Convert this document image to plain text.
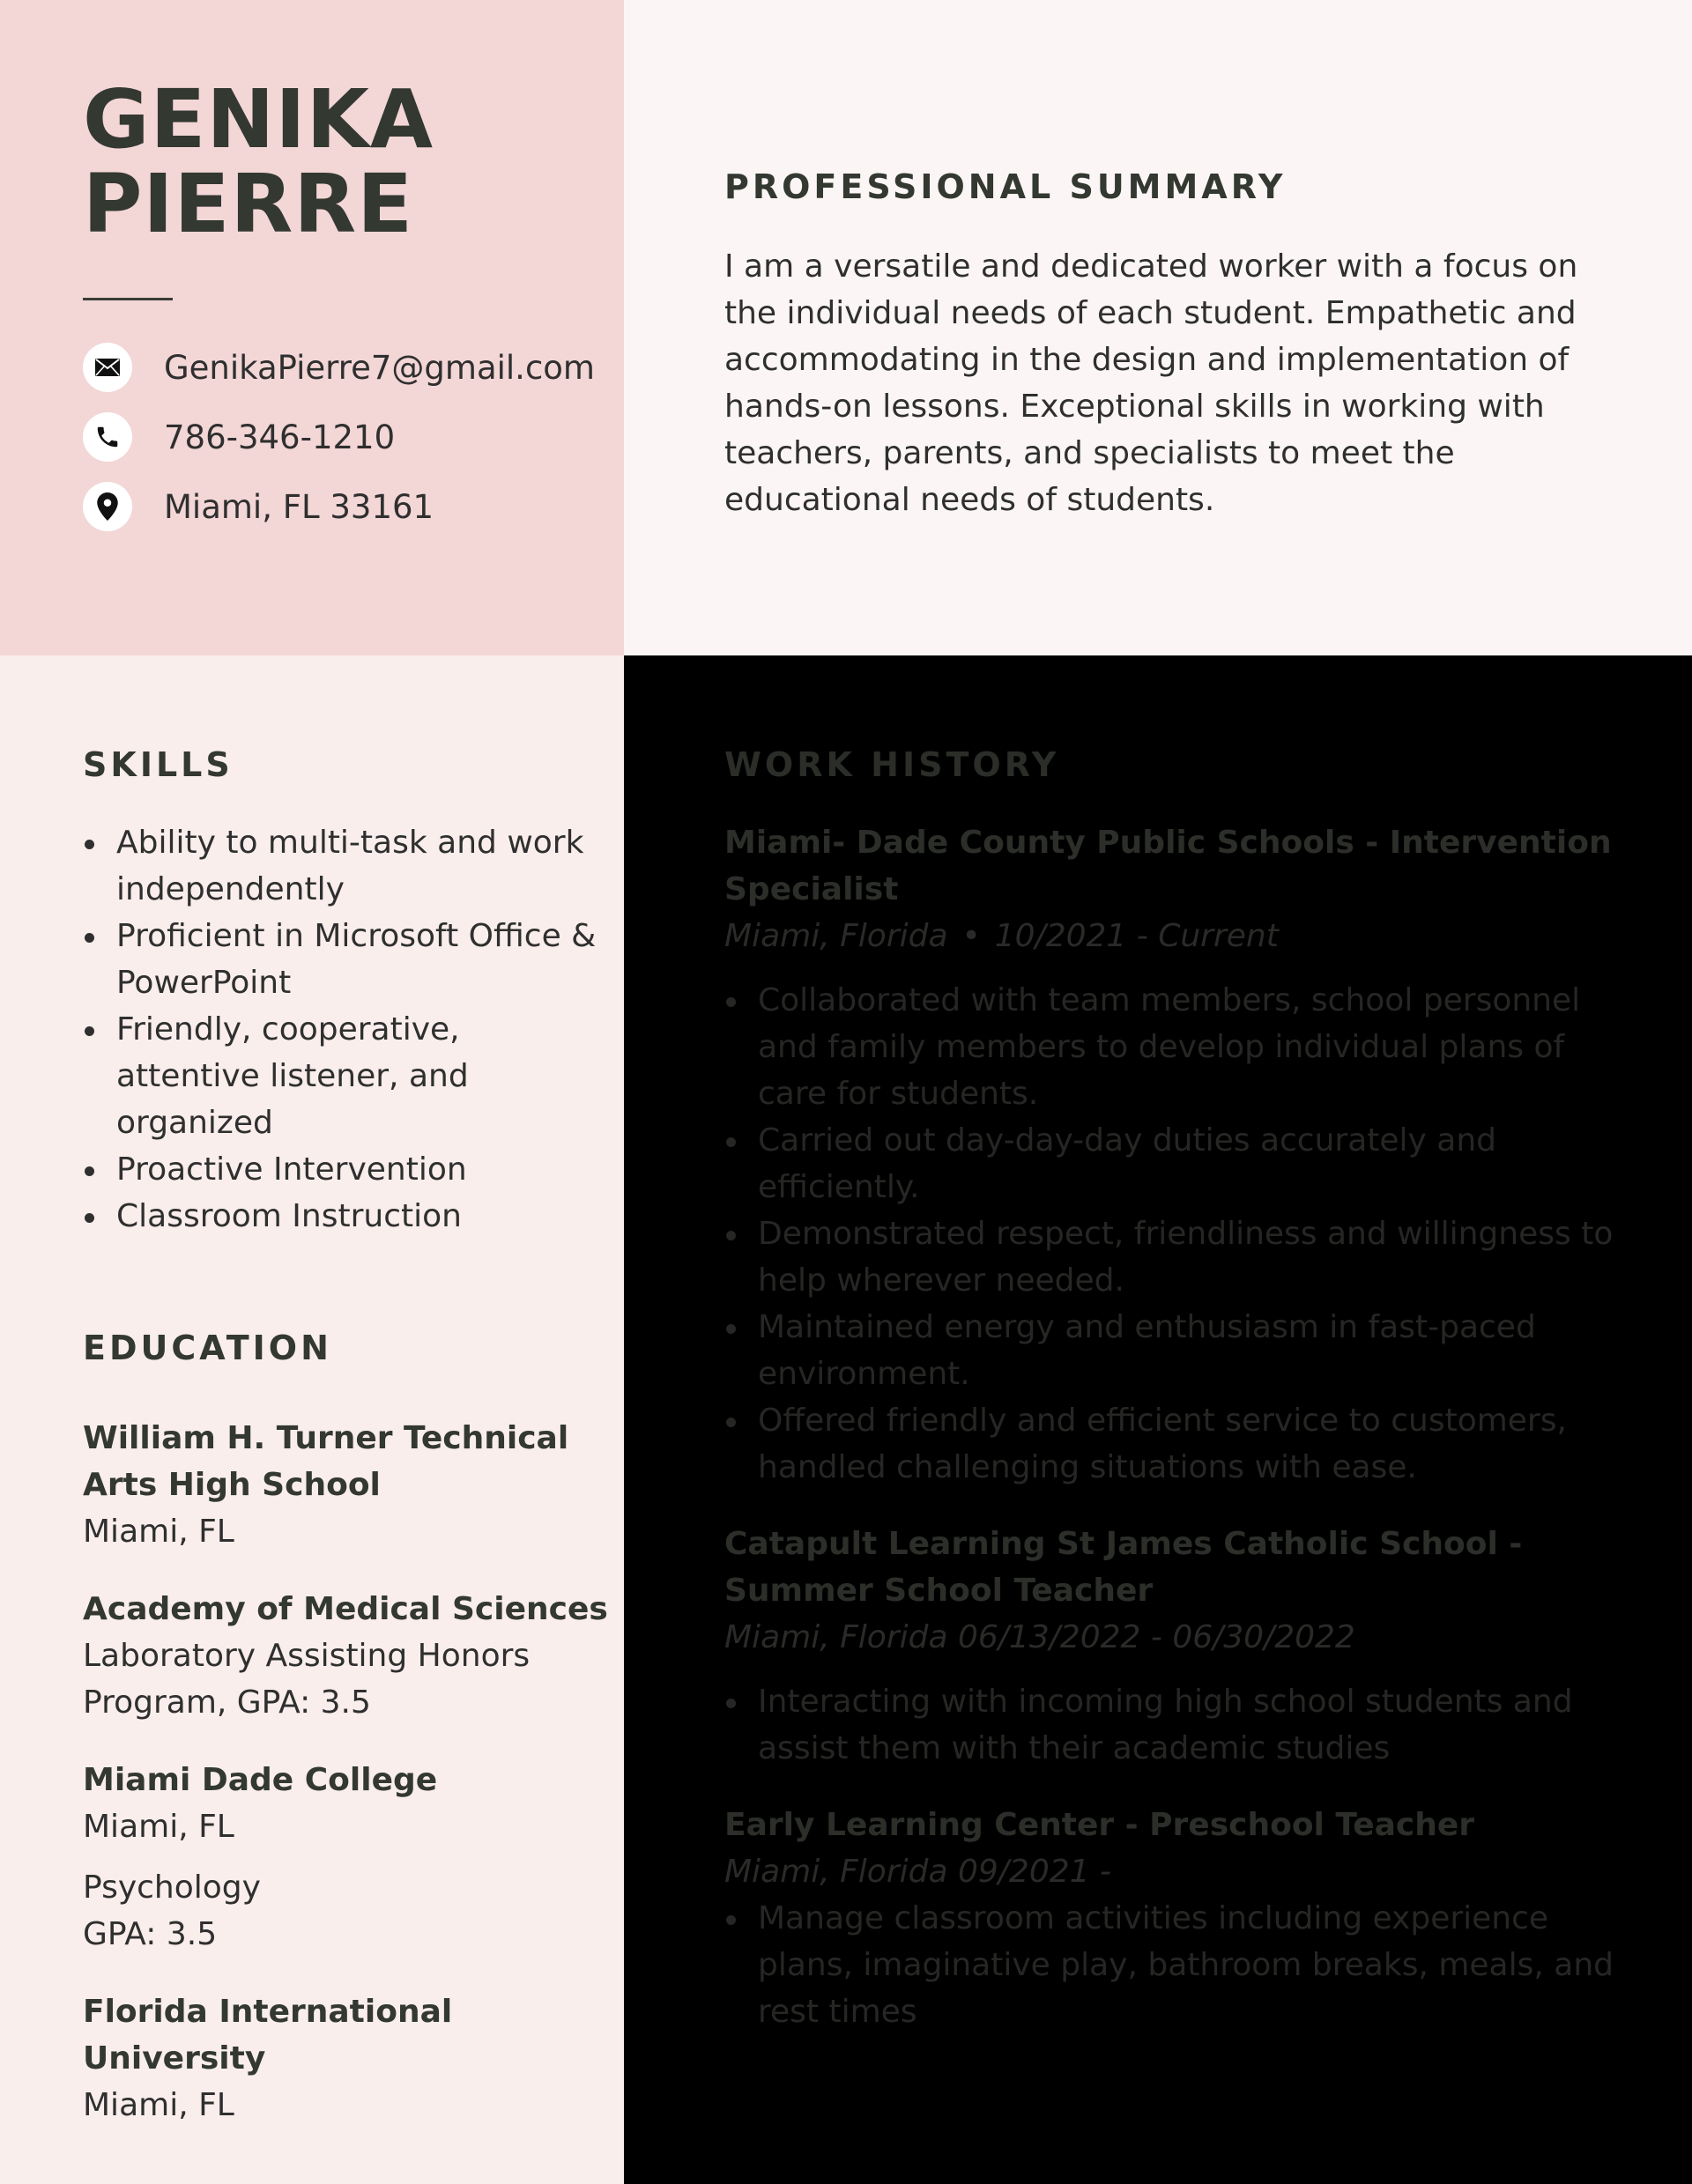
GENIKA
PIERRE
GenikaPierre7@gmail.com
786-346-1210
Miami, FL 33161
PROFESSIONAL SUMMARY

I am a versatile and dedicated worker with a focus on the individual needs of each student. Empathetic and accommodating in the design and implementation of hands-on lessons. Exceptional skills in working with teachers, parents, and specialists to meet the educational needs of students.

SKILLS
Ability to multi-task and work independently
Proficient in Microsoft Office & PowerPoint
Friendly, cooperative, attentive listener, and organized
Proactive Intervention
Classroom Instruction
EDUCATION
William H. Turner Technical Arts High School
Miami, FL
Academy of Medical Sciences
Laboratory Assisting Honors Program, GPA: 3.5
Miami Dade College
Miami, FL
Psychology
GPA: 3.5
Florida International University
Miami, FL
WORK HISTORY
Miami- Dade County Public Schools - Intervention Specialist
Miami, Florida • 10/2021 - Current
Collaborated with team members, school personnel and family members to develop individual plans of care for students.
Carried out day-day-day duties accurately and efficiently.
Demonstrated respect, friendliness and willingness to help wherever needed.
Maintained energy and enthusiasm in fast-paced environment.
Offered friendly and efficient service to customers, handled challenging situations with ease.
Catapult Learning St James Catholic School - Summer School Teacher
Miami, Florida 06/13/2022 - 06/30/2022
Interacting with incoming high school students and assist them with their academic studies
Early Learning Center - Preschool Teacher
Miami, Florida 09/2021 -
Manage classroom activities including experience plans, imaginative play, bathroom breaks, meals, and rest times
